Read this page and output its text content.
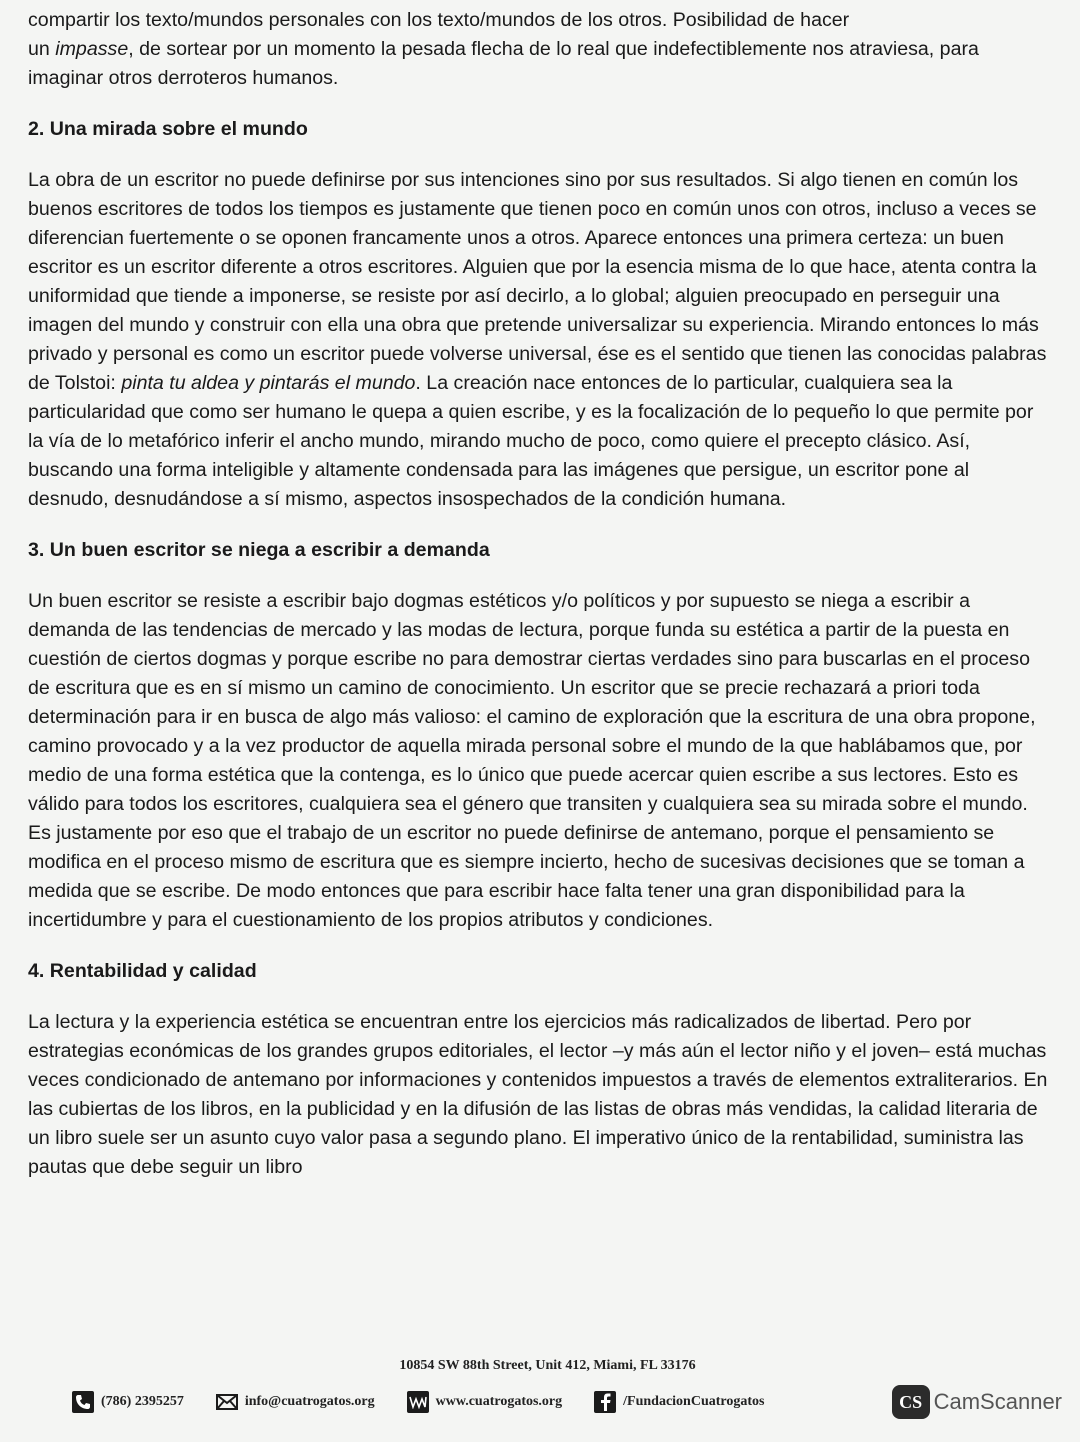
compartir los texto/mundos personales con los texto/mundos de los otros. Posibilidad de hacer
un impasse, de sortear por un momento la pesada flecha de lo real que indefectiblemente nos atraviesa, para imaginar otros derroteros humanos.

2. Una mirada sobre el mundo

La obra de un escritor no puede definirse por sus intenciones sino por sus resultados. Si algo tienen en común los buenos escritores de todos los tiempos es justamente que tienen poco en común unos con otros, incluso a veces se diferencian fuertemente o se oponen francamente unos a otros. Aparece entonces una primera certeza: un buen escritor es un escritor diferente a otros escritores. Alguien que por la esencia misma de lo que hace, atenta contra la uniformidad que tiende a imponerse, se resiste por así decirlo, a lo global; alguien preocupado en perseguir una imagen del mundo y construir con ella una obra que pretende universalizar su experiencia. Mirando entonces lo más privado y personal es como un escritor puede volverse universal, ése es el sentido que tienen las conocidas palabras de Tolstoi: pinta tu aldea y pintarás el mundo. La creación nace entonces de lo particular, cualquiera sea la particularidad que como ser humano le quepa a quien escribe, y es la focalización de lo pequeño lo que permite por la vía de lo metafórico inferir el ancho mundo, mirando mucho de poco, como quiere el precepto clásico. Así, buscando una forma inteligible y altamente condensada para las imágenes que persigue, un escritor pone al desnudo, desnudándose a sí mismo, aspectos insospechados de la condición humana.

3. Un buen escritor se niega a escribir a demanda

Un buen escritor se resiste a escribir bajo dogmas estéticos y/o políticos y por supuesto se niega a escribir a demanda de las tendencias de mercado y las modas de lectura, porque funda su estética a partir de la puesta en cuestión de ciertos dogmas y porque escribe no para demostrar ciertas verdades sino para buscarlas en el proceso de escritura que es en sí mismo un camino de conocimiento. Un escritor que se precie rechazará a priori toda determinación para ir en busca de algo más valioso: el camino de exploración que la escritura de una obra propone, camino provocado y a la vez productor de aquella mirada personal sobre el mundo de la que hablábamos que, por medio de una forma estética que la contenga, es lo único que puede acercar quien escribe a sus lectores. Esto es válido para todos los escritores, cualquiera sea el género que transiten y cualquiera sea su mirada sobre el mundo. Es justamente por eso que el trabajo de un escritor no puede definirse de antemano, porque el pensamiento se modifica en el proceso mismo de escritura que es siempre incierto, hecho de sucesivas decisiones que se toman a medida que se escribe. De modo entonces que para escribir hace falta tener una gran disponibilidad para la incertidumbre y para el cuestionamiento de los propios atributos y condiciones.

4. Rentabilidad y calidad

La lectura y la experiencia estética se encuentran entre los ejercicios más radicalizados de libertad. Pero por estrategias económicas de los grandes grupos editoriales, el lector –y más aún el lector niño y el joven– está muchas veces condicionado de antemano por informaciones y contenidos impuestos a través de elementos extraliterarios. En las cubiertas de los libros, en la publicidad y en la difusión de las listas de obras más vendidas, la calidad literaria de un libro suele ser un asunto cuyo valor pasa a segundo plano. El imperativo único de la rentabilidad, suministra las pautas que debe seguir un libro

10854 SW 88th Street, Unit 412, Miami, FL 33176
(786) 2395257	info@cuatrogatos.org	www.cuatrogatos.org	/FundacionCuatrogatos	CS CamScanner
